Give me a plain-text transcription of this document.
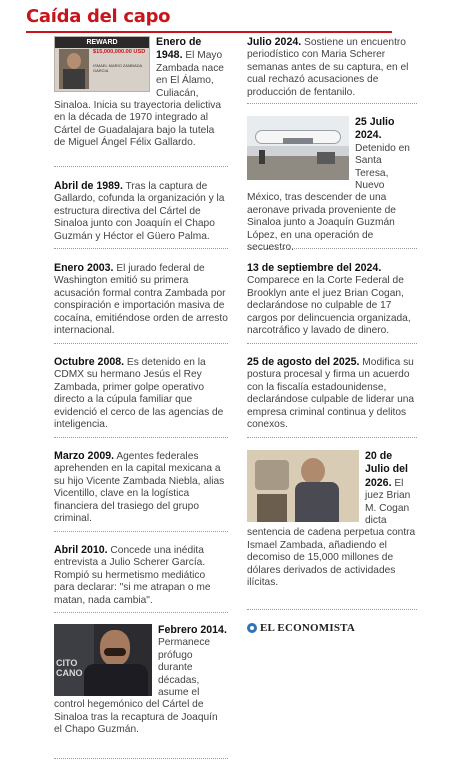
Caída del capo
REWARD
$15,000,000.00 USD
ISMAEL MARIO ZAMBADA GARCIA
Enero de 1948. El Mayo Zambada nace en El Álamo, Culiacán, Sinaloa. Inicia su trayectoria delictiva en la década de 1970 integrado al Cártel de Guadalajara bajo la tutela de Miguel Ángel Félix Gallardo.
Abril de 1989. Tras la captura de Gallardo, cofunda la organización y la estructura directiva del Cártel de Sinaloa junto con Joaquín el Chapo Guzmán y Héctor el Güero Palma.
Enero 2003. El jurado federal de Washington emitió su primera acusación formal contra Zambada por conspiración e importación masiva de cocaína, emitiéndose orden de arresto internacional.
Octubre 2008. Es detenido en la CDMX su hermano Jesús el Rey Zambada, primer golpe operativo directo a la cúpula familiar que evidenció el cerco de las agencias de inteligencia.
Marzo 2009. Agentes federales aprehenden en la capital mexicana a su hijo Vicente Zambada Niebla, alias Vicentillo, clave en la logística financiera del trasiego del grupo criminal.
Abril 2010. Concede una inédita entrevista a Julio Scherer García. Rompió su hermetismo mediático para declarar: "si me atrapan o me matan, nada cambia".
CITO
CANO
Febrero 2014. Permanece prófugo durante décadas, asume el control hegemónico del Cártel de Sinaloa tras la recaptura de Joaquín el Chapo Guzmán.
Julio 2024. Sostiene un encuentro periodístico con Maria Scherer semanas antes de su captura, en el cual rechazó acusaciones de producción de fentanilo.
25 Julio 2024. Detenido en Santa Teresa, Nuevo México, tras descender de una aeronave privada proveniente de Sinaloa junto a Joaquín Guzmán López, en una operación de secuestro.
13 de septiembre del 2024. Comparece en la Corte Federal de Brooklyn ante el juez Brian Cogan, declarándose no culpable de 17 cargos por delincuencia organizada, narcotráfico y lavado de dinero.
25 de agosto del 2025. Modifica su postura procesal y firma un acuerdo con la fiscalía estadounidense, declarándose culpable de liderar una empresa criminal continua y delitos conexos.
20 de Julio del 2026. El juez Brian M. Cogan dicta sentencia de cadena perpetua contra Ismael Zambada, añadiendo el decomiso de 15,000 millones de dólares derivados de actividades ilícitas.
EL ECONOMISTA
